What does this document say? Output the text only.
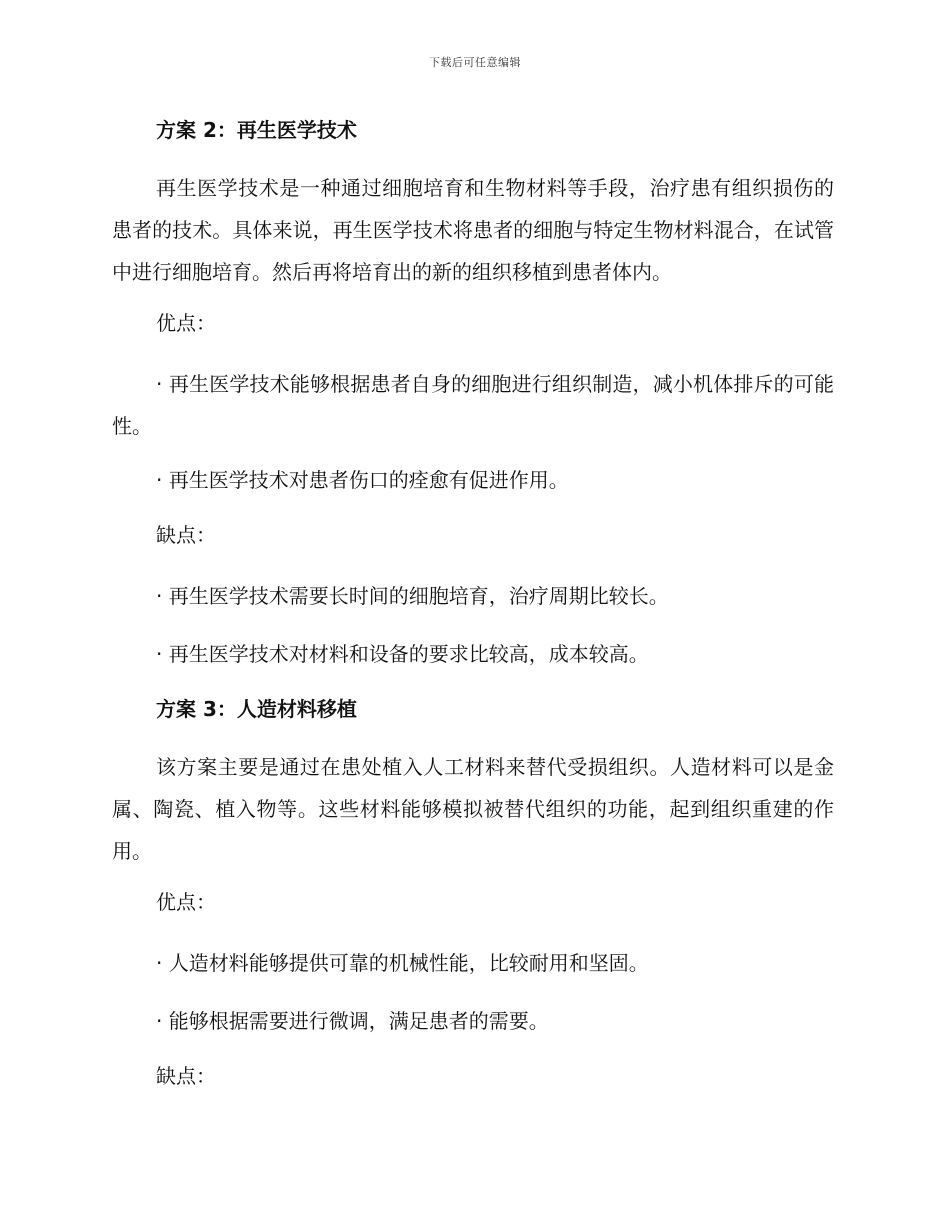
下载后可任意编辑
方案 2：再生医学技术
再生医学技术是一种通过细胞培育和生物材料等手段，治疗患有组织损伤的患者的技术。具体来说，再生医学技术将患者的细胞与特定生物材料混合，在试管中进行细胞培育。然后再将培育出的新的组织移植到患者体内。
优点：
· 再生医学技术能够根据患者自身的细胞进行组织制造，减小机体排斥的可能性。
· 再生医学技术对患者伤口的痊愈有促进作用。
缺点：
· 再生医学技术需要长时间的细胞培育，治疗周期比较长。
· 再生医学技术对材料和设备的要求比较高，成本较高。
方案 3：人造材料移植
该方案主要是通过在患处植入人工材料来替代受损组织。人造材料可以是金属、陶瓷、植入物等。这些材料能够模拟被替代组织的功能，起到组织重建的作用。
优点：
· 人造材料能够提供可靠的机械性能，比较耐用和坚固。
· 能够根据需要进行微调，满足患者的需要。
缺点：
